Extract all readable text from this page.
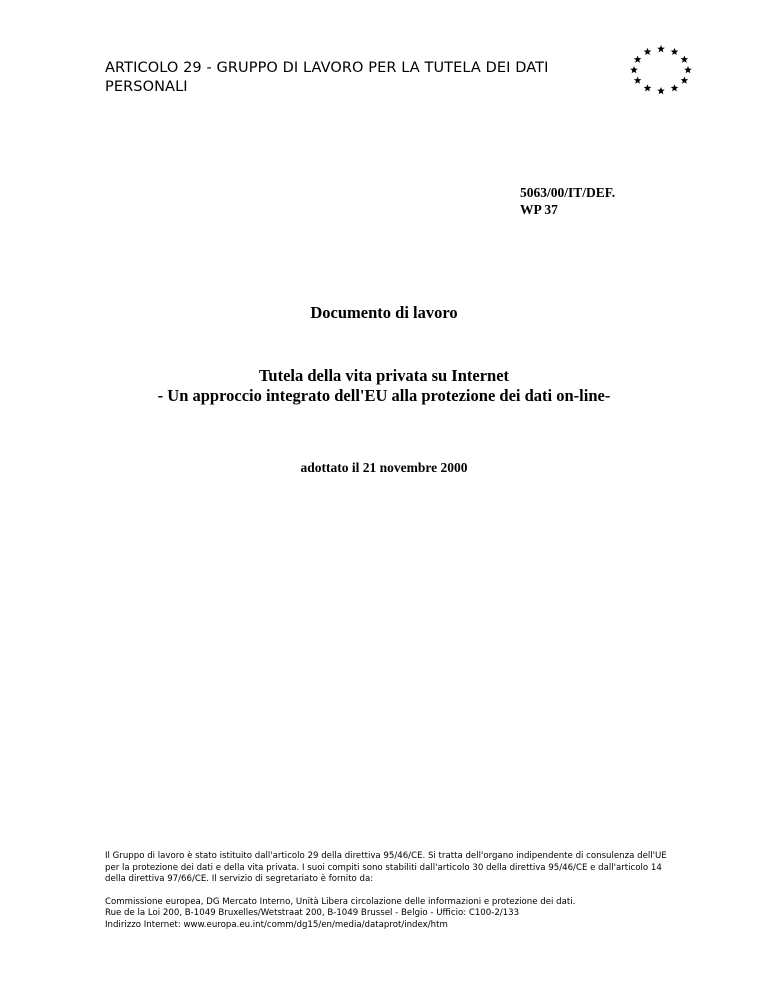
ARTICOLO 29 - GRUPPO DI LAVORO PER LA TUTELA DEI DATI
PERSONALI
5063/00/IT/DEF.
WP 37
Documento di lavoro
Tutela della vita privata su Internet
- Un approccio integrato dell'EU alla protezione dei dati on-line-
adottato il 21 novembre 2000
Il Gruppo di lavoro è stato istituito dall'articolo 29 della direttiva 95/46/CE. Si tratta dell'organo indipendente di consulenza dell'UE
per la protezione dei dati e della vita privata. I suoi compiti sono stabiliti dall'articolo 30 della direttiva 95/46/CE e dall'articolo 14
della direttiva 97/66/CE. Il servizio di segretariato è fornito da:
Commissione europea, DG Mercato Interno, Unità Libera circolazione delle informazioni e protezione dei dati.
Rue de la Loi 200, B-1049 Bruxelles/Wetstraat 200, B-1049 Brussel - Belgio - Ufficio: C100-2/133
Indirizzo Internet: www.europa.eu.int/comm/dg15/en/media/dataprot/index/htm
